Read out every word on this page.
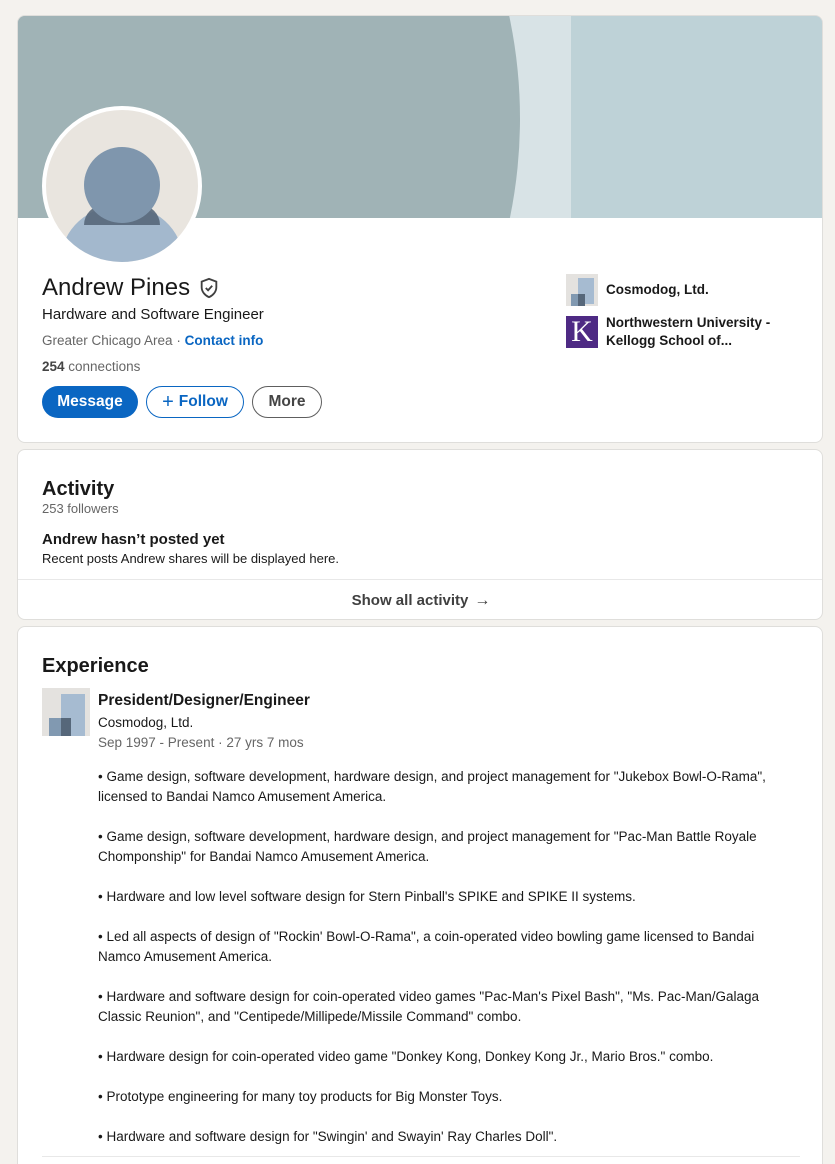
Andrew Pines
Hardware and Software Engineer
Greater Chicago Area · Contact info
254 connections
Message	+ Follow	More
Cosmodog, Ltd.
K Northwestern University - Kellogg School of...
Activity
253 followers
Andrew hasn’t posted yet
Recent posts Andrew shares will be displayed here.
Show all activity →
Experience
President/Designer/Engineer
Cosmodog, Ltd.
Sep 1997 - Present · 27 yrs 7 mos

• Game design, software development, hardware design, and project management for "Jukebox Bowl-O-Rama", licensed to Bandai Namco Amusement America.

• Game design, software development, hardware design, and project management for "Pac-Man Battle Royale Chomponship" for Bandai Namco Amusement America.

• Hardware and low level software design for Stern Pinball's SPIKE and SPIKE II systems.

• Led all aspects of design of "Rockin' Bowl-O-Rama", a coin-operated video bowling game licensed to Bandai Namco Amusement America.

• Hardware and software design for coin-operated video games "Pac-Man's Pixel Bash", "Ms. Pac-Man/Galaga Classic Reunion", and "Centipede/Millipede/Missile Command" combo.

• Hardware design for coin-operated video game "Donkey Kong, Donkey Kong Jr., Mario Bros." combo.

• Prototype engineering for many toy products for Big Monster Toys.

• Hardware and software design for "Swingin' and Swayin' Ray Charles Doll".
